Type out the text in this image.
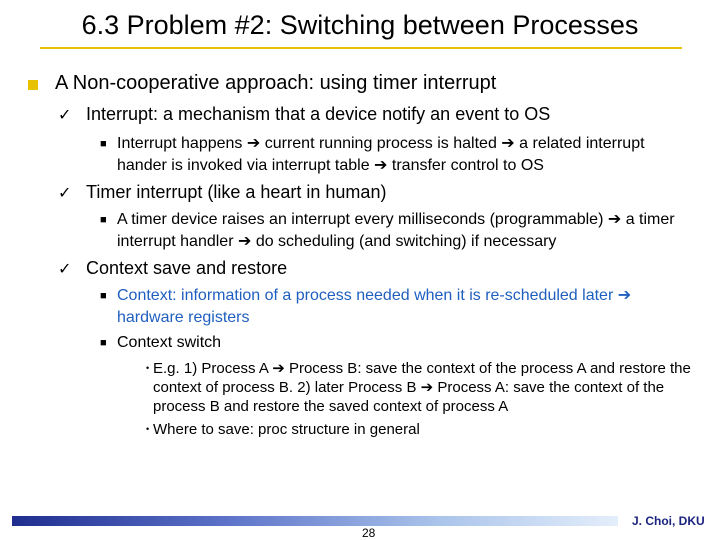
6.3 Problem #2: Switching between Processes
A Non-cooperative approach: using timer interrupt
✓ Interrupt: a mechanism that a device notify an event to OS
■ Interrupt happens ➔ current running process is halted ➔ a related interrupt hander is invoked via interrupt table ➔ transfer control to OS
✓ Timer interrupt (like a heart in human)
■ A timer device raises an interrupt every milliseconds (programmable) ➔ a timer interrupt handler ➔ do scheduling (and switching) if necessary
✓ Context save and restore
■ Context: information of a process needed when it is re-scheduled later ➔ hardware registers
■ Context switch
• E.g. 1) Process A ➔ Process B: save the context of the process A and restore the context of process B. 2) later Process B ➔ Process A: save the context of the process B and restore the saved context of process A
• Where to save: proc structure in general
28
J. Choi, DKU
